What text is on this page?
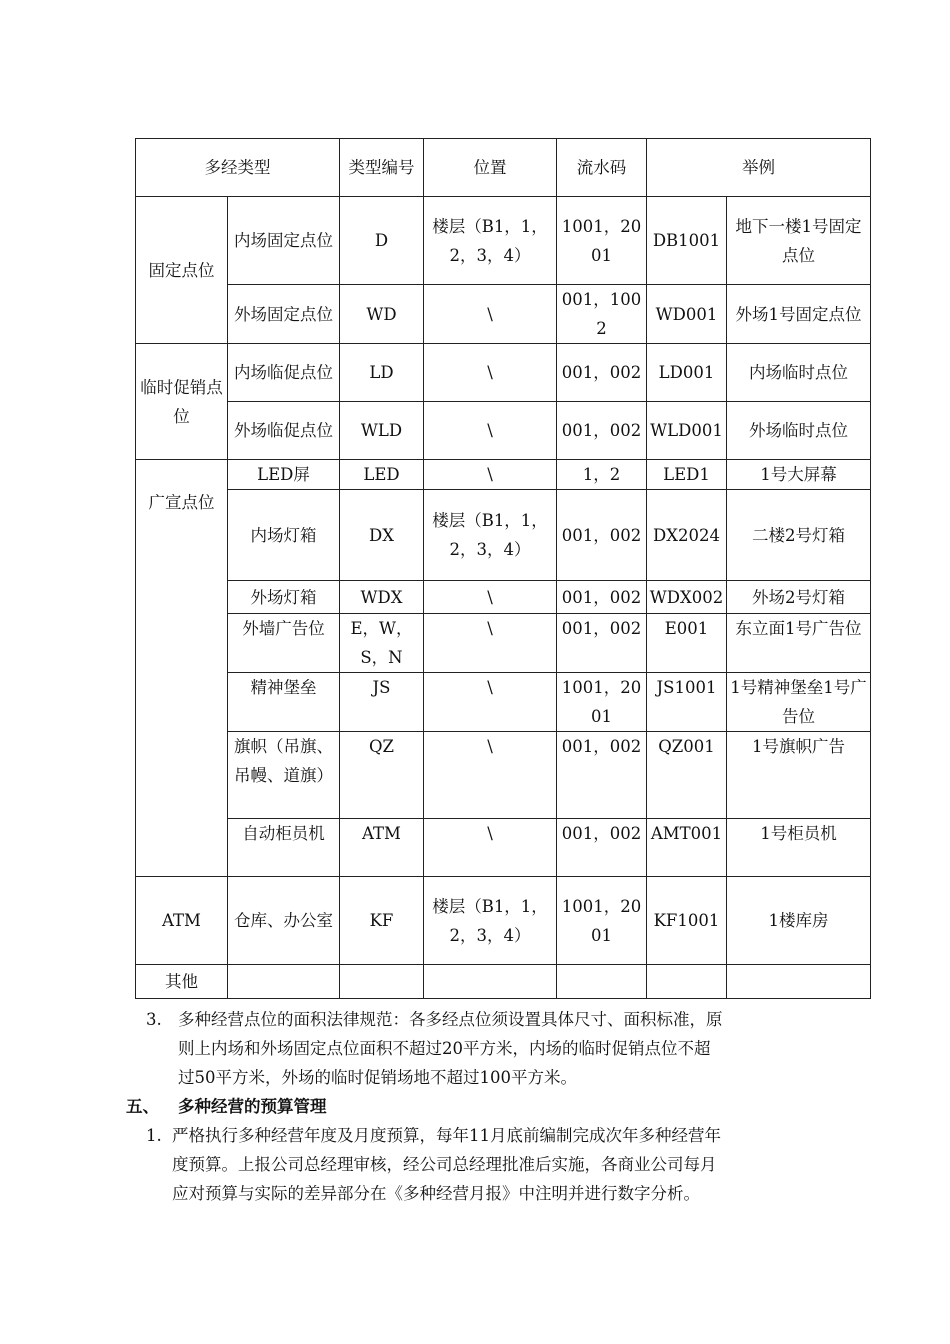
多经类型		类型编号	位置	流水码	举例	
固定点位	内场固定点位	D	楼层（B1，1，2，3，4）	1001，2001	DB1001	地下一楼1号固定点位
	外场固定点位	WD	\	001，1002	WD001	外场1号固定点位
临时促销点位	内场临促点位	LD	\	001，002	LD001	内场临时点位
	外场临促点位	WLD	\	001，002	WLD001	外场临时点位
广宣点位	LED屏	LED	\	1，2	LED1	1号大屏幕
	内场灯箱	DX	楼层（B1，1，2，3，4）	001，002	DX2024	二楼2号灯箱
	外场灯箱	WDX	\	001，002	WDX002	外场2号灯箱
	外墙广告位	E，W，S，N	\	001，002	E001	东立面1号广告位
	精神堡垒	JS	\	1001，2001	JS1001	1号精神堡垒1号广告位
	旗帜（吊旗、吊幔、道旗）	QZ	\	001，002	QZ001	1号旗帜广告
	自动柜员机	ATM	\	001，002	AMT001	1号柜员机
ATM	仓库、办公室	KF	楼层（B1，1，2，3，4）	1001，2001	KF1001	1楼库房
其他						
3. 多种经营点位的面积法律规范：各多经点位须设置具体尺寸、面积标准，原
则上内场和外场固定点位面积不超过20平方米，内场的临时促销点位不超
过50平方米，外场的临时促销场地不超过100平方米。
五、 多种经营的预算管理
1. 严格执行多种经营年度及月度预算，每年11月底前编制完成次年多种经营年
度预算。上报公司总经理审核，经公司总经理批准后实施，各商业公司每月
应对预算与实际的差异部分在《多种经营月报》中注明并进行数字分析。
